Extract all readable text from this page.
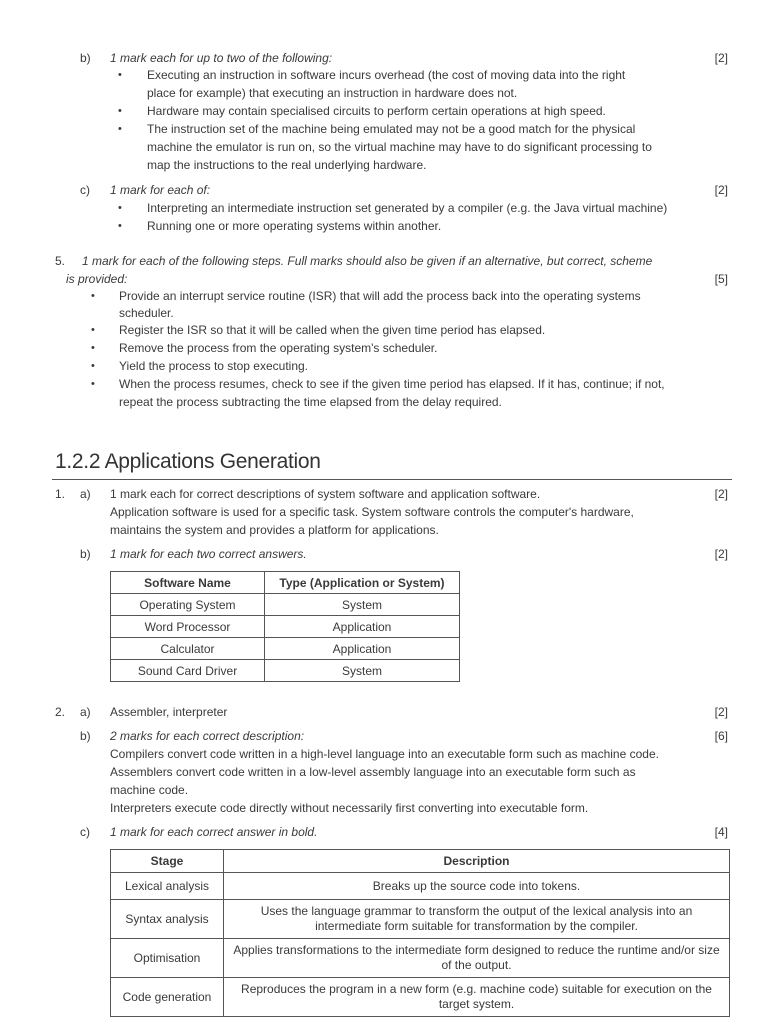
b) 1 mark each for up to two of the following:	[2]
• Executing an instruction in software incurs overhead (the cost of moving data into the right
place for example) that executing an instruction in hardware does not.
• Hardware may contain specialised circuits to perform certain operations at high speed.
• The instruction set of the machine being emulated may not be a good match for the physical
machine the emulator is run on, so the virtual machine may have to do significant processing to
map the instructions to the real underlying hardware.
c) 1 mark for each of:	[2]
• Interpreting an intermediate instruction set generated by a compiler (e.g. the Java virtual machine)
• Running one or more operating systems within another.
5. 1 mark for each of the following steps. Full marks should also be given if an alternative, but correct, scheme
is provided:	[5]
• Provide an interrupt service routine (ISR) that will add the process back into the operating systems
scheduler.
• Register the ISR so that it will be called when the given time period has elapsed.
• Remove the process from the operating system's scheduler.
• Yield the process to stop executing.
• When the process resumes, check to see if the given time period has elapsed. If it has, continue; if not,
repeat the process subtracting the time elapsed from the delay required.
1.2.2 Applications Generation
1. a) 1 mark each for correct descriptions of system software and application software.	[2]
Application software is used for a specific task. System software controls the computer's hardware,
maintains the system and provides a platform for applications.
b) 1 mark for each two correct answers.	[2]
Software Name	Type (Application or System)
Operating System	System
Word Processor	Application
Calculator	Application
Sound Card Driver	System
2. a) Assembler, interpreter	[2]
b) 2 marks for each correct description:	[6]
Compilers convert code written in a high-level language into an executable form such as machine code.
Assemblers convert code written in a low-level assembly language into an executable form such as
machine code.
Interpreters execute code directly without necessarily first converting into executable form.
c) 1 mark for each correct answer in bold.	[4]
Stage	Description
Lexical analysis	Breaks up the source code into tokens.
Syntax analysis	Uses the language grammar to transform the output of the lexical analysis into an intermediate form suitable for transformation by the compiler.
Optimisation	Applies transformations to the intermediate form designed to reduce the runtime and/or size of the output.
Code generation	Reproduces the program in a new form (e.g. machine code) suitable for execution on the target system.
